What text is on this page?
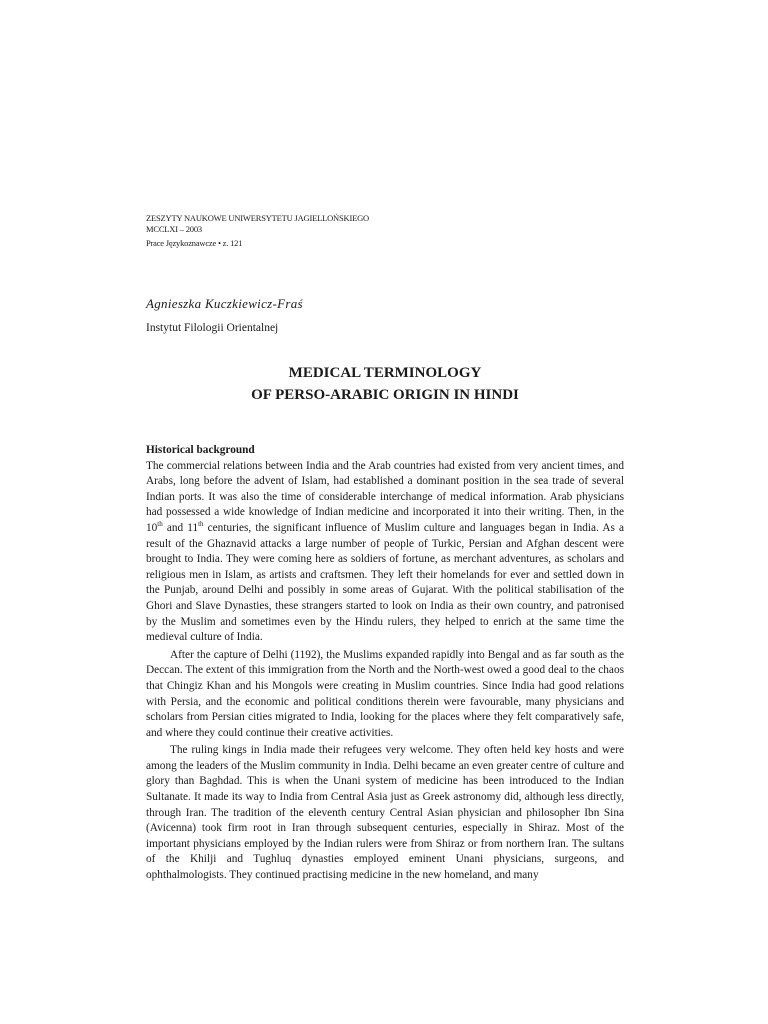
ZESZYTY NAUKOWE UNIWERSYTETU JAGIELLOŃSKIEGO
MCCLXI – 2003
Prace Językoznawcze • z. 121
Agnieszka Kuczkiewicz-Fraś
Instytut Filologii Orientalnej
MEDICAL TERMINOLOGY
OF PERSO-ARABIC ORIGIN IN HINDI
Historical background

The commercial relations between India and the Arab countries had existed from very ancient times, and Arabs, long before the advent of Islam, had established a dominant position in the sea trade of several Indian ports. It was also the time of considerable interchange of medical information. Arab physicians had possessed a wide knowledge of Indian medicine and incorporated it into their writing. Then, in the 10th and 11th centuries, the significant influence of Muslim culture and languages began in India. As a result of the Ghaznavid attacks a large number of people of Turkic, Persian and Afghan descent were brought to India. They were coming here as soldiers of fortune, as merchant adventures, as scholars and religious men in Islam, as artists and craftsmen. They left their homelands for ever and settled down in the Punjab, around Delhi and possibly in some areas of Gujarat. With the political stabilisation of the Ghori and Slave Dynasties, these strangers started to look on India as their own country, and patronised by the Muslim and sometimes even by the Hindu rulers, they helped to enrich at the same time the medieval culture of India.

After the capture of Delhi (1192), the Muslims expanded rapidly into Bengal and as far south as the Deccan. The extent of this immigration from the North and the North-west owed a good deal to the chaos that Chingiz Khan and his Mongols were creating in Muslim countries. Since India had good relations with Persia, and the economic and political conditions therein were favourable, many physicians and scholars from Persian cities migrated to India, looking for the places where they felt comparatively safe, and where they could continue their creative activities.

The ruling kings in India made their refugees very welcome. They often held key hosts and were among the leaders of the Muslim community in India. Delhi became an even greater centre of culture and glory than Baghdad. This is when the Unani system of medicine has been introduced to the Indian Sultanate. It made its way to India from Central Asia just as Greek astronomy did, although less directly, through Iran. The tradition of the eleventh century Central Asian physician and philosopher Ibn Sina (Avicenna) took firm root in Iran through subsequent centuries, especially in Shiraz. Most of the important physicians employed by the Indian rulers were from Shiraz or from northern Iran. The sultans of the Khilji and Tughluq dynasties employed eminent Unani physicians, surgeons, and ophthalmologists. They continued practising medicine in the new homeland, and many
